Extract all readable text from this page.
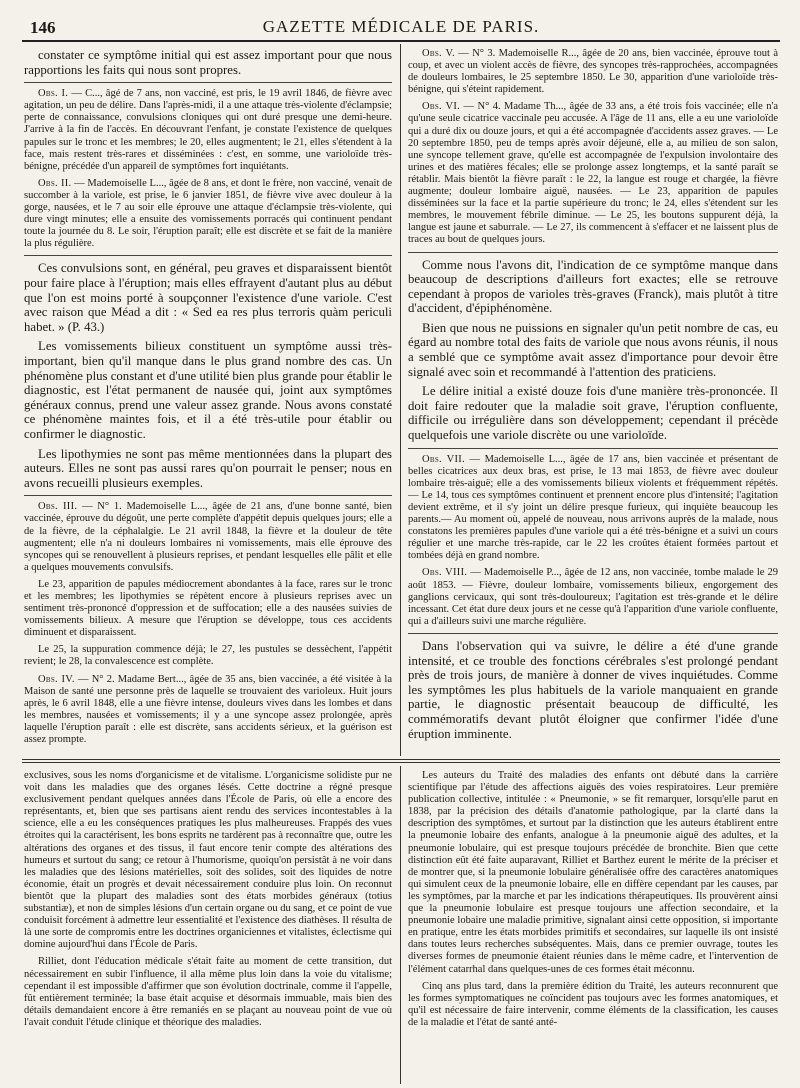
146	GAZETTE MÉDICALE DE PARIS.

constater ce symptôme initial qui est assez important pour que nous rapportions les faits qui nous sont propres.

Obs. I. — C..., âgé de 7 ans, non vacciné, est pris, le 19 avril 1846, de fièvre avec agitation, un peu de délire. Dans l'après-midi, il a une attaque très-violente d'éclampsie; perte de connaissance, convulsions cloniques qui ont duré presque une demi-heure. J'arrive à la fin de l'accès. En découvrant l'enfant, je constate l'existence de quelques papules sur le tronc et les membres; le 20, elles augmentent; le 21, elles s'étendent à la face, mais restent très-rares et disséminées : c'est, en somme, une varioloïde très-bénigne, précédée d'un appareil de symptômes fort inquiétants.

Obs. II. — Mademoiselle L..., âgée de 8 ans, et dont le frère, non vacciné, venait de succomber à la variole, est prise, le 6 janvier 1851, de fièvre vive avec douleur à la gorge, nausées, et le 7 au soir elle éprouve une attaque d'éclampsie très-violente, qui dure vingt minutes; elle a ensuite des vomissements porracés qui continuent pendant toute la journée du 8. Le soir, l'éruption paraît; elle est discrète et se fait de la manière la plus régulière.

Ces convulsions sont, en général, peu graves et disparaissent bientôt pour faire place à l'éruption; mais elles effrayent d'autant plus au début que l'on est moins porté à soupçonner l'existence d'une variole. C'est avec raison que Méad a dit : « Sed ea res plus terroris quàm periculi habet. » (P. 43.)

Les vomissements bilieux constituent un symptôme aussi très-important, bien qu'il manque dans le plus grand nombre des cas. Un phénomène plus constant et d'une utilité bien plus grande pour établir le diagnostic, est l'état permanent de nausée qui, joint aux symptômes généraux connus, prend une valeur assez grande. Nous avons constaté ce phénomène maintes fois, et il a été très-utile pour établir ou confirmer le diagnostic.

Les lipothymies ne sont pas même mentionnées dans la plupart des auteurs. Elles ne sont pas aussi rares qu'on pourrait le penser; nous en avons recueilli plusieurs exemples.

Obs. III. — N° 1. Mademoiselle L..., âgée de 21 ans, d'une bonne santé, bien vaccinée, éprouve du dégoût, une perte complète d'appétit depuis quelques jours; elle a de la fièvre, de la céphalalgie. Le 21 avril 1848, la fièvre et la douleur de tête augmentent; elle n'a ni douleurs lombaires ni vomissements, mais elle éprouve des syncopes qui se renouvellent à plusieurs reprises, et pendant lesquelles elle pâlit et elle a quelques mouvements convulsifs.

Le 23, apparition de papules médiocrement abondantes à la face, rares sur le tronc et les membres; les lipothymies se répètent encore à plusieurs reprises avec un sentiment très-prononcé d'oppression et de suffocation; elle a des nausées suivies de vomissements bilieux. A mesure que l'éruption se développe, tous ces accidents diminuent et disparaissent.

Le 25, la suppuration commence déjà; le 27, les pustules se dessèchent, l'appétit revient; le 28, la convalescence est complète.

Obs. IV. — N° 2. Madame Bert..., âgée de 35 ans, bien vaccinée, a été visitée à la Maison de santé une personne près de laquelle se trouvaient des varioleux. Huit jours après, le 6 avril 1848, elle a une fièvre intense, douleurs vives dans les lombes et dans les membres, nausées et vomissements; il y a une syncope assez prolongée, après laquelle l'éruption paraît : elle est discrète, sans accidents sérieux, et la guérison est assez prompte.

Obs. V. — N° 3. Mademoiselle R..., âgée de 20 ans, bien vaccinée, éprouve tout à coup, et avec un violent accès de fièvre, des syncopes très-rapprochées, accompagnées de douleurs lombaires, le 25 septembre 1850. Le 30, apparition d'une varioloïde très-bénigne, qui s'éteint rapidement.

Obs. VI. — N° 4. Madame Th..., âgée de 33 ans, a été trois fois vaccinée; elle n'a qu'une seule cicatrice vaccinale peu accusée. A l'âge de 11 ans, elle a eu une varioloïde qui a duré dix ou douze jours, et qui a été accompagnée d'accidents assez graves. — Le 20 septembre 1850, peu de temps après avoir déjeuné, elle a, au milieu de son salon, une syncope tellement grave, qu'elle est accompagnée de l'expulsion involontaire des urines et des matières fécales; elle se prolonge assez longtemps, et la santé paraît se rétablir. Mais bientôt la fièvre paraît : le 22, la langue est rouge et chargée, la fièvre augmente; douleur lombaire aiguë, nausées. — Le 23, apparition de papules disséminées sur la face et la partie supérieure du tronc; le 24, elles s'étendent sur les membres, le mouvement fébrile diminue. — Le 25, les boutons suppurent déjà, la langue est jaune et saburrale. — Le 27, ils commencent à s'effacer et ne laissent plus de traces au bout de quelques jours.

Comme nous l'avons dit, l'indication de ce symptôme manque dans beaucoup de descriptions d'ailleurs fort exactes; elle se retrouve cependant à propos de varioles très-graves (Franck), mais plutôt à titre d'accident, d'épiphénomène.

Bien que nous ne puissions en signaler qu'un petit nombre de cas, eu égard au nombre total des faits de variole que nous avons réunis, il nous a semblé que ce symptôme avait assez d'importance pour devoir être signalé avec soin et recommandé à l'attention des praticiens.

Le délire initial a existé douze fois d'une manière très-prononcée. Il doit faire redouter que la maladie soit grave, l'éruption confluente, difficile ou irrégulière dans son développement; cependant il précède quelquefois une variole discrète ou une varioloïde.

Obs. VII. — Mademoiselle L..., âgée de 17 ans, bien vaccinée et présentant de belles cicatrices aux deux bras, est prise, le 13 mai 1853, de fièvre avec douleur lombaire très-aiguë; elle a des vomissements bilieux violents et fréquemment répétés. — Le 14, tous ces symptômes continuent et prennent encore plus d'intensité; l'agitation devient extrême, et il s'y joint un délire presque furieux, qui inquiète beaucoup les parents.— Au moment où, appelé de nouveau, nous arrivons auprès de la malade, nous constatons les premières papules d'une variole qui a été très-bénigne et a suivi un cours régulier et une marche très-rapide, car le 22 les croûtes étaient formées partout et tombées déjà en grand nombre.

Obs. VIII. — Mademoiselle P..., âgée de 12 ans, non vaccinée, tombe malade le 29 août 1853. — Fièvre, douleur lombaire, vomissements bilieux, engorgement des ganglions cervicaux, qui sont très-douloureux; l'agitation est très-grande et le délire incessant. Cet état dure deux jours et ne cesse qu'à l'apparition d'une variole confluente, qui a d'ailleurs suivi une marche régulière.

Dans l'observation qui va suivre, le délire a été d'une grande intensité, et ce trouble des fonctions cérébrales s'est prolongé pendant près de trois jours, de manière à donner de vives inquiétudes. Comme les symptômes les plus habituels de la variole manquaient en grande partie, le diagnostic présentait beaucoup de difficulté, les commémoratifs devant plutôt éloigner que confirmer l'idée d'une éruption imminente.

exclusives, sous les noms d'organicisme et de vitalisme. L'organicisme solidiste pur ne voit dans les maladies que des organes lésés. Cette doctrine a régné presque exclusivement pendant quelques années dans l'École de Paris, où elle a encore des représentants, et, bien que ses partisans aient rendu des services incontestables à la science, elle a eu les conséquences pratiques les plus malheureuses. Frappés des vues étroites qui la caractérisent, les bons esprits ne tardèrent pas à reconnaître que, outre les altérations des organes et des tissus, il faut encore tenir compte des altérations des humeurs et surtout du sang; ce retour à l'humorisme, quoiqu'on persistât à ne voir dans les maladies que des lésions matérielles, soit des solides, soit des liquides de notre économie, était un progrès et devait nécessairement conduire plus loin. On reconnut bientôt que la plupart des maladies sont des états morbides généraux (totius substantiæ), et non de simples lésions d'un certain organe ou du sang, et ce point de vue conduisit forcément à admettre leur essentialité et l'existence des diathèses. Il résulta de là une sorte de compromis entre les doctrines organiciennes et vitalistes, éclectisme qui domine aujourd'hui dans l'École de Paris.

Rilliet, dont l'éducation médicale s'était faite au moment de cette transition, dut nécessairement en subir l'influence, il alla même plus loin dans la voie du vitalisme; cependant il est impossible d'affirmer que son évolution doctrinale, comme il l'appelle, fût entièrement terminée; la base était acquise et désormais immuable, mais bien des détails demandaient encore à être remaniés en se plaçant au nouveau point de vue où l'avait conduit l'étude clinique et théorique des maladies.

Les auteurs du Traité des maladies des enfants ont débuté dans la carrière scientifique par l'étude des affections aiguës des voies respiratoires. Leur première publication collective, intitulée : « Pneumonie, » se fit remarquer, lorsqu'elle parut en 1838, par la précision des détails d'anatomie pathologique, par la clarté dans la description des symptômes, et surtout par la distinction que les auteurs établirent entre la pneumonie lobaire des enfants, analogue à la pneumonie aiguë des adultes, et la pneumonie lobulaire, qui est presque toujours précédée de bronchite. Bien que cette distinction eût été faite auparavant, Rilliet et Barthez eurent le mérite de la préciser et de montrer que, si la pneumonie lobulaire généralisée offre des caractères anatomiques qui simulent ceux de la pneumonie lobaire, elle en diffère cependant par les causes, par les symptômes, par la marche et par les indications thérapeutiques. Ils prouvèrent ainsi que la pneumonie lobulaire est presque toujours une affection secondaire, et la pneumonie lobaire une maladie primitive, signalant ainsi cette opposition, si importante en pratique, entre les états morbides primitifs et secondaires, sur laquelle ils ont insisté dans toutes leurs recherches subséquentes. Mais, dans ce premier ouvrage, toutes les diverses formes de pneumonie étaient réunies dans le même cadre, et l'intervention de l'élément catarrhal dans quelques-unes de ces formes était méconnu.

Cinq ans plus tard, dans la première édition du Traité, les auteurs reconnurent que les formes symptomatiques ne coïncident pas toujours avec les formes anatomiques, et qu'il est nécessaire de faire intervenir, comme éléments de la classification, les causes de la maladie et l'état de santé anté-
